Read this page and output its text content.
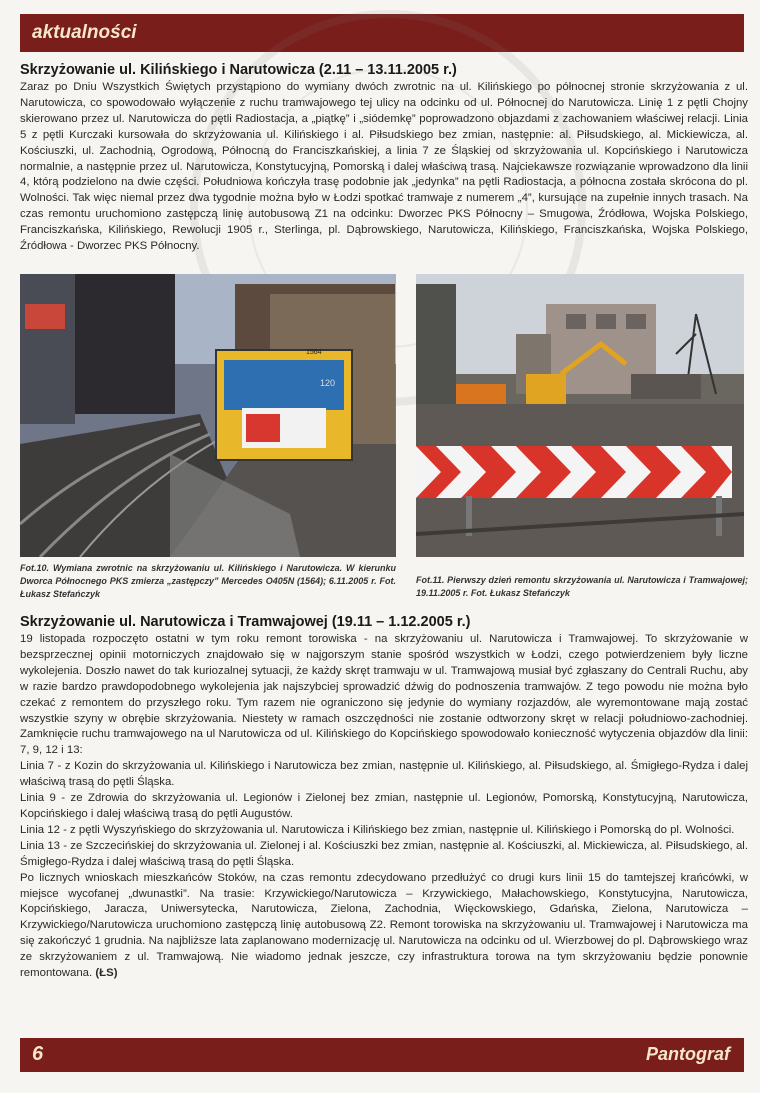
aktualności
Skrzyżowanie ul. Kilińskiego i Narutowicza (2.11 – 13.11.2005 r.)

Zaraz po Dniu Wszystkich Świętych przystąpiono do wymiany dwóch zwrotnic na ul. Kilińskiego po północnej stronie skrzyżowania z ul. Narutowicza, co spowodowało wyłączenie z ruchu tramwajowego tej ulicy na odcinku od ul. Północnej do Narutowicza. Linię 1 z pętli Chojny skierowano przez ul. Narutowicza do pętli Radiostacja, a „piątkę” i „siódemkę” poprowadzono objazdami z zachowaniem właściwej relacji. Linia 5 z pętli Kurczaki kursowała do skrzyżowania ul. Kilińskiego i al. Piłsudskiego bez zmian, następnie: al. Piłsudskiego, al. Mickiewicza, al. Kościuszki, ul. Zachodnią, Ogrodową, Północną do Franciszkańskiej, a linia 7 ze Śląskiej od skrzyżowania ul. Kopcińskiego i Narutowicza normalnie, a następnie przez ul. Narutowicza, Konstytucyjną, Pomorską i dalej właściwą trasą. Najciekawsze rozwiązanie wprowadzono dla linii 4, którą podzielono na dwie części. Południowa kończyła trasę podobnie jak „jedynka” na pętli Radiostacja, a północna została skrócona do pl. Wolności. Tak więc niemal przez dwa tygodnie można było w Łodzi spotkać tramwaje z numerem „4”, kursujące na zupełnie innych trasach. Na czas remontu uruchomiono zastępczą linię autobusową Z1 na odcinku: Dworzec PKS Północny – Smugowa, Źródłowa, Wojska Polskiego, Franciszkańska, Kilińskiego, Rewolucji 1905 r., Sterlinga, pl. Dąbrowskiego, Narutowicza, Kilińskiego, Franciszkańska, Wojska Polskiego, Źródłowa - Dworzec PKS Północny.

1564
120
Fot.10. Wymiana zwrotnic na skrzyżowaniu ul. Kilińskiego i Narutowicza. W kierunku Dworca Północnego PKS zmierza „zastępczy” Mercedes O405N (1564); 6.11.2005 r. Fot. Łukasz Stefańczyk
Fot.11. Pierwszy dzień remontu skrzyżowania ul. Narutowicza i Tramwajowej; 19.11.2005 r. Fot. Łukasz Stefańczyk
Skrzyżowanie ul. Narutowicza i Tramwajowej (19.11 – 1.12.2005 r.)

19 listopada rozpoczęto ostatni w tym roku remont torowiska - na skrzyżowaniu ul. Narutowicza i Tramwajowej. To skrzyżowanie w bezsprzecznej opinii motorniczych znajdowało się w najgorszym stanie spośród wszystkich w Łodzi, czego potwierdzeniem były liczne wykolejenia. Doszło nawet do tak kuriozalnej sytuacji, że każdy skręt tramwaju w ul. Tramwajową musiał być zgłaszany do Centrali Ruchu, aby w razie bardzo prawdopodobnego wykolejenia jak najszybciej sprowadzić dźwig do podnoszenia tramwajów. Z tego powodu nie można było czekać z remontem do przyszłego roku. Tym razem nie ograniczono się jedynie do wymiany rozjazdów, ale wyremontowane mają zostać wszystkie szyny w obrębie skrzyżowania. Niestety w ramach oszczędności nie zostanie odtworzony skręt w relacji południowo-zachodniej. Zamknięcie ruchu tramwajowego na ul Narutowicza od ul. Kilińskiego do Kopcińskiego spowodowało konieczność wytyczenia objazdów dla linii: 7, 9, 12 i 13:

Linia 7 - z Kozin do skrzyżowania ul. Kilińskiego i Narutowicza bez zmian, następnie ul. Kilińskiego, al. Piłsudskiego, al. Śmigłego-Rydza i dalej właściwą trasą do pętli Śląska.

Linia 9 - ze Zdrowia do skrzyżowania ul. Legionów i Zielonej bez zmian, następnie ul. Legionów, Pomorską, Konstytucyjną, Narutowicza, Kopcińskiego i dalej właściwą trasą do pętli Augustów.

Linia 12 - z pętli Wyszyńskiego do skrzyżowania ul. Narutowicza i Kilińskiego bez zmian, następnie ul. Kilińskiego i Pomorską do pl. Wolności.

Linia 13 - ze Szczecińskiej do skrzyżowania ul. Zielonej i al. Kościuszki bez zmian, następnie al. Kościuszki, al. Mickiewicza, al. Piłsudskiego, al. Śmigłego-Rydza i dalej właściwą trasą do pętli Śląska.

Po licznych wnioskach mieszkańców Stoków, na czas remontu zdecydowano przedłużyć co drugi kurs linii 15 do tamtejszej krańcówki, w miejsce wycofanej „dwunastki”. Na trasie: Krzywickiego/Narutowicza – Krzywickiego, Małachowskiego, Konstytucyjna, Narutowicza, Kopcińskiego, Jaracza, Uniwersytecka, Narutowicza, Zielona, Zachodnia, Więckowskiego, Gdańska, Zielona, Narutowicza – Krzywickiego/Narutowicza uruchomiono zastępczą linię autobusową Z2. Remont torowiska na skrzyżowaniu ul. Tramwajowej i Narutowicza ma się zakończyć 1 grudnia. Na najbliższe lata zaplanowano modernizację ul. Narutowicza na odcinku od ul. Wierzbowej do pl. Dąbrowskiego wraz ze skrzyżowaniem z ul. Tramwajową. Nie wiadomo jednak jeszcze, czy infrastruktura torowa na tym skrzyżowaniu będzie ponownie remontowana. (ŁS)

6	Pantograf
